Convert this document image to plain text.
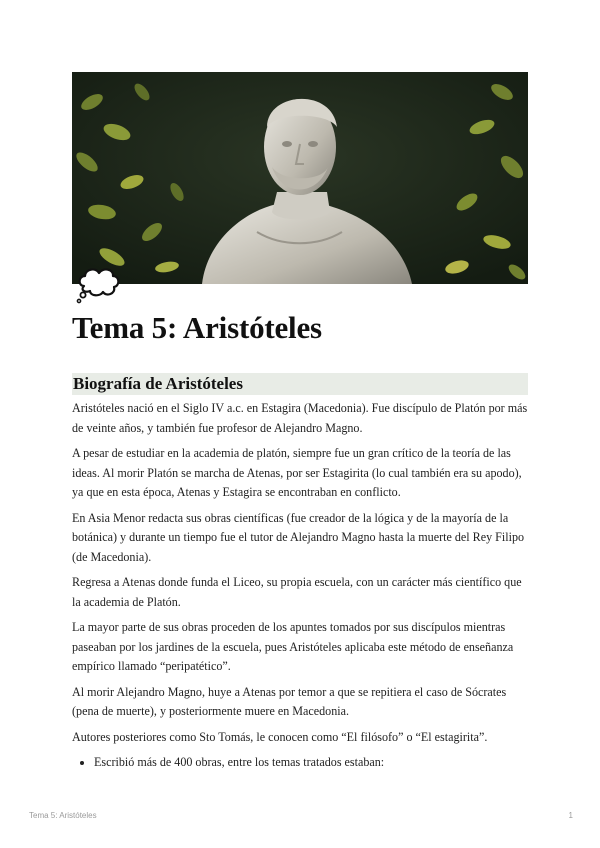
Tema 5: Aristóteles
Biografía de Aristóteles

Aristóteles nació en el Siglo IV a.c. en Estagira (Macedonia). Fue discípulo de Platón por más de veinte años, y también fue profesor de Alejandro Magno.

A pesar de estudiar en la academia de platón, siempre fue un gran crítico de la teoría de las ideas. Al morir Platón se marcha de Atenas, por ser Estagirita (lo cual también era su apodo), ya que en esta época, Atenas y Estagira se encontraban en conflicto.

En Asia Menor redacta sus obras científicas (fue creador de la lógica y de la mayoría de la botánica) y durante un tiempo fue el tutor de Alejandro Magno hasta la muerte del Rey Filipo (de Macedonia).

Regresa a Atenas donde funda el Liceo, su propia escuela, con un carácter más científico que la academia de Platón.

La mayor parte de sus obras proceden de los apuntes tomados por sus discípulos mientras paseaban por los jardines de la escuela, pues Aristóteles aplicaba este método de enseñanza empírico llamado “peripatético”.

Al morir Alejandro Magno, huye a Atenas por temor a que se repitiera el caso de Sócrates (pena de muerte), y posteriormente muere en Macedonia.

Autores posteriores como Sto Tomás, le conocen como “El filósofo” o “El estagirita”.

• Escribió más de 400 obras, entre los temas tratados estaban:
Tema 5: Aristóteles	1
